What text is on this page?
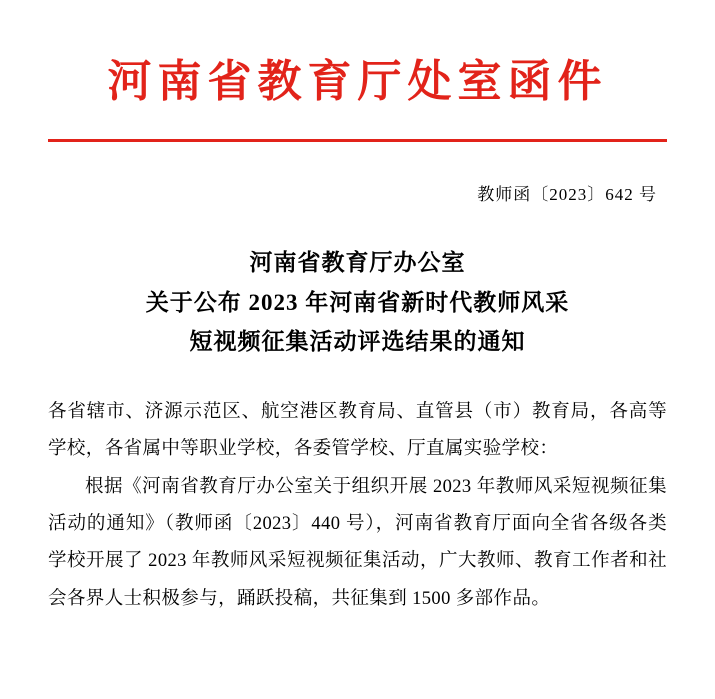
河南省教育厅处室函件
教师函〔2023〕642 号
河南省教育厅办公室
关于公布 2023 年河南省新时代教师风采
短视频征集活动评选结果的通知

各省辖市、济源示范区、航空港区教育局、直管县（市）教育局，各高等学校，各省属中等职业学校，各委管学校、厅直属实验学校：

根据《河南省教育厅办公室关于组织开展 2023 年教师风采短视频征集活动的通知》（教师函〔2023〕440 号），河南省教育厅面向全省各级各类学校开展了 2023 年教师风采短视频征集活动，广大教师、教育工作者和社会各界人士积极参与，踊跃投稿，共征集到 1500 多部作品。
